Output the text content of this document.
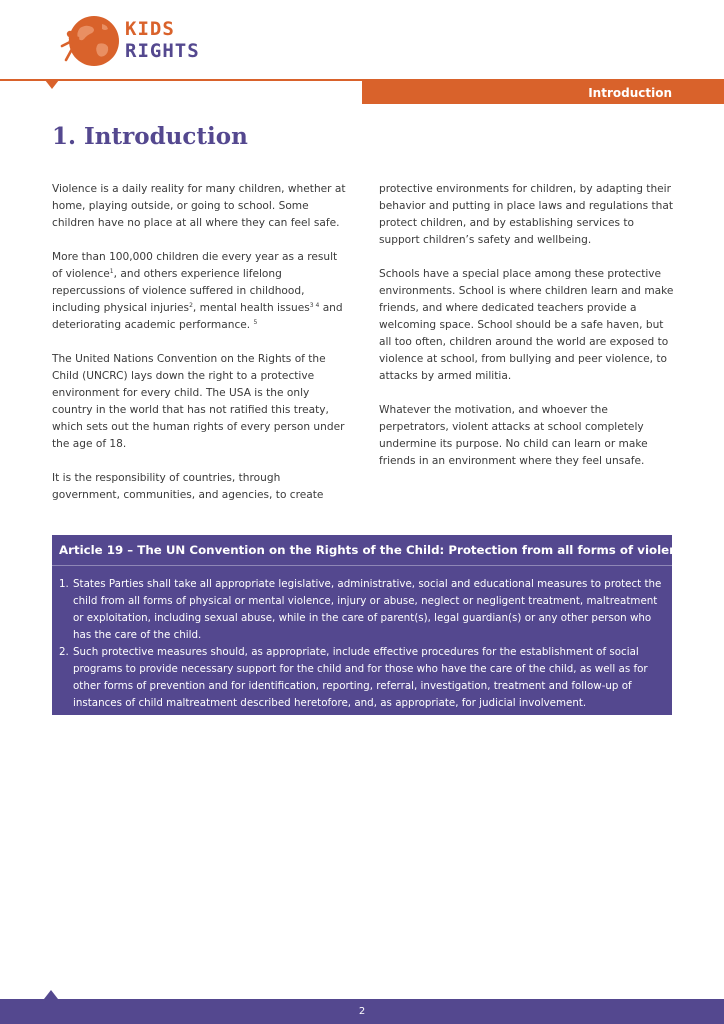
KIDS
RIGHTS
Introduction
1. Introduction

Violence is a daily reality for many children, whether at home, playing outside, or going to school. Some children have no place at all where they can feel safe.

More than 100,000 children die every year as a result of violence$^1$, and others experience lifelong repercussions of violence suffered in childhood, including physical injuries$^2$, mental health issues$^{3 4}$ and deteriorating academic performance. $^5$

The United Nations Convention on the Rights of the Child (UNCRC) lays down the right to a protective environment for every child. The USA is the only country in the world that has not ratified this treaty, which sets out the human rights of every person under the age of 18.

It is the responsibility of countries, through government, communities, and agencies, to create

protective environments for children, by adapting their behavior and putting in place laws and regulations that protect children, and by establishing services to support children’s safety and wellbeing.

Schools have a special place among these protective environments. School is where children learn and make friends, and where dedicated teachers provide a welcoming space. School should be a safe haven, but all too often, children around the world are exposed to violence at school, from bullying and peer violence, to attacks by armed militia.

Whatever the motivation, and whoever the perpetrators, violent attacks at school completely undermine its purpose. No child can learn or make friends in an environment where they feel unsafe.

Article 19 – The UN Convention on the Rights of the Child: Protection from all forms of violence
1. States Parties shall take all appropriate legislative, administrative, social and educational measures to protect the child from all forms of physical or mental violence, injury or abuse, neglect or negligent treatment, maltreatment or exploitation, including sexual abuse, while in the care of parent(s), legal guardian(s) or any other person who has the care of the child.
2. Such protective measures should, as appropriate, include effective procedures for the establishment of social programs to provide necessary support for the child and for those who have the care of the child, as well as for other forms of prevention and for identification, reporting, referral, investigation, treatment and follow-up of instances of child maltreatment described heretofore, and, as appropriate, for judicial involvement.
2
